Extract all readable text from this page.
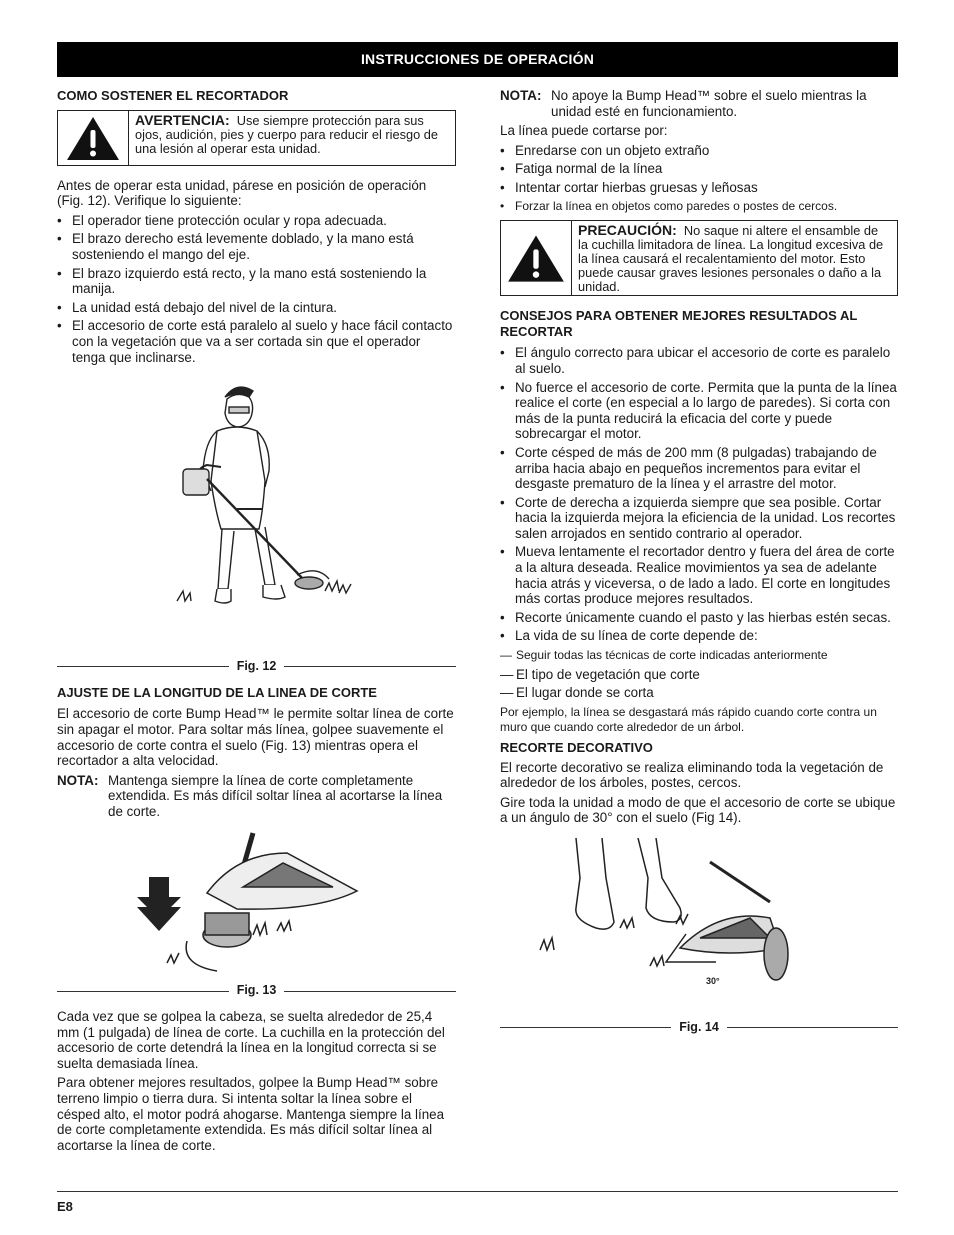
INSTRUCCIONES DE OPERACIÓN
COMO SOSTENER EL RECORTADOR
AVERTENCIA: Use siempre protección para sus ojos, audición, pies y cuerpo para reducir el riesgo de una lesión al operar esta unidad.

Antes de operar esta unidad, párese en posición de operación (Fig. 12). Verifique lo siguiente:

• El operador tiene protección ocular y ropa adecuada.
• El brazo derecho está levemente doblado, y la mano está sosteniendo el mango del eje.
• El brazo izquierdo está recto, y la mano está sosteniendo la manija.
• La unidad está debajo del nivel de la cintura.
• El accesorio de corte está paralelo al suelo y hace fácil contacto con la vegetación que va a ser cortada sin que el operador tenga que inclinarse.
Fig. 12
AJUSTE DE LA LONGITUD DE LA LINEA DE CORTE

El accesorio de corte Bump Head™ le permite soltar línea de corte sin apagar el motor. Para soltar más línea, golpee suavemente el accesorio de corte contra el suelo (Fig. 13) mientras opera el recortador a alta velocidad.

NOTA: Mantenga siempre la línea de corte completamente extendida. Es más difícil soltar línea al acortarse la línea de corte.
Fig. 13

Cada vez que se golpea la cabeza, se suelta alrededor de 25,4 mm (1 pulgada) de línea de corte. La cuchilla en la protección del accesorio de corte detendrá la línea en la longitud correcta si se suelta demasiada línea.

Para obtener mejores resultados, golpee la Bump Head™ sobre terreno limpio o tierra dura. Si intenta soltar la línea sobre el césped alto, el motor podrá ahogarse. Mantenga siempre la línea de corte completamente extendida. Es más difícil soltar línea al acortarse la línea de corte.

NOTA: No apoye la Bump Head™ sobre el suelo mientras la unidad esté en funcionamiento.

La línea puede cortarse por:

• Enredarse con un objeto extraño
• Fatiga normal de la línea
• Intentar cortar hierbas gruesas y leñosas
• Forzar la línea en objetos como paredes o postes de cercos.
PRECAUCIÓN: No saque ni altere el ensamble de la cuchilla limitadora de línea. La longitud excesiva de la línea causará el recalentamiento del motor. Esto puede causar graves lesiones personales o daño a la unidad.
CONSEJOS PARA OBTENER MEJORES RESULTADOS AL RECORTAR
• El ángulo correcto para ubicar el accesorio de corte es paralelo al suelo.
• No fuerce el accesorio de corte. Permita que la punta de la línea realice el corte (en especial a lo largo de paredes). Si corta con más de la punta reducirá la eficacia del corte y puede sobrecargar el motor.
• Corte césped de más de 200 mm (8 pulgadas) trabajando de arriba hacia abajo en pequeños incrementos para evitar el desgaste prematuro de la línea y el arrastre del motor.
• Corte de derecha a izquierda siempre que sea posible. Cortar hacia la izquierda mejora la eficiencia de la unidad. Los recortes salen arrojados en sentido contrario al operador.
• Mueva lentamente el recortador dentro y fuera del área de corte a la altura deseada. Realice movimientos ya sea de adelante hacia atrás y viceversa, o de lado a lado. El corte en longitudes más cortas produce mejores resultados.
• Recorte únicamente cuando el pasto y las hierbas estén secas.
• La vida de su línea de corte depende de:
— Seguir todas las técnicas de corte indicadas anteriormente
— El tipo de vegetación que corte
— El lugar donde se corta

Por ejemplo, la línea se desgastará más rápido cuando corte contra un muro que cuando corte alrededor de un árbol.

RECORTE DECORATIVO

El recorte decorativo se realiza eliminando toda la vegetación de alrededor de los árboles, postes, cercos.

Gire toda la unidad a modo de que el accesorio de corte se ubique a un ángulo de 30° con el suelo (Fig 14).

30°
Fig. 14
E8
